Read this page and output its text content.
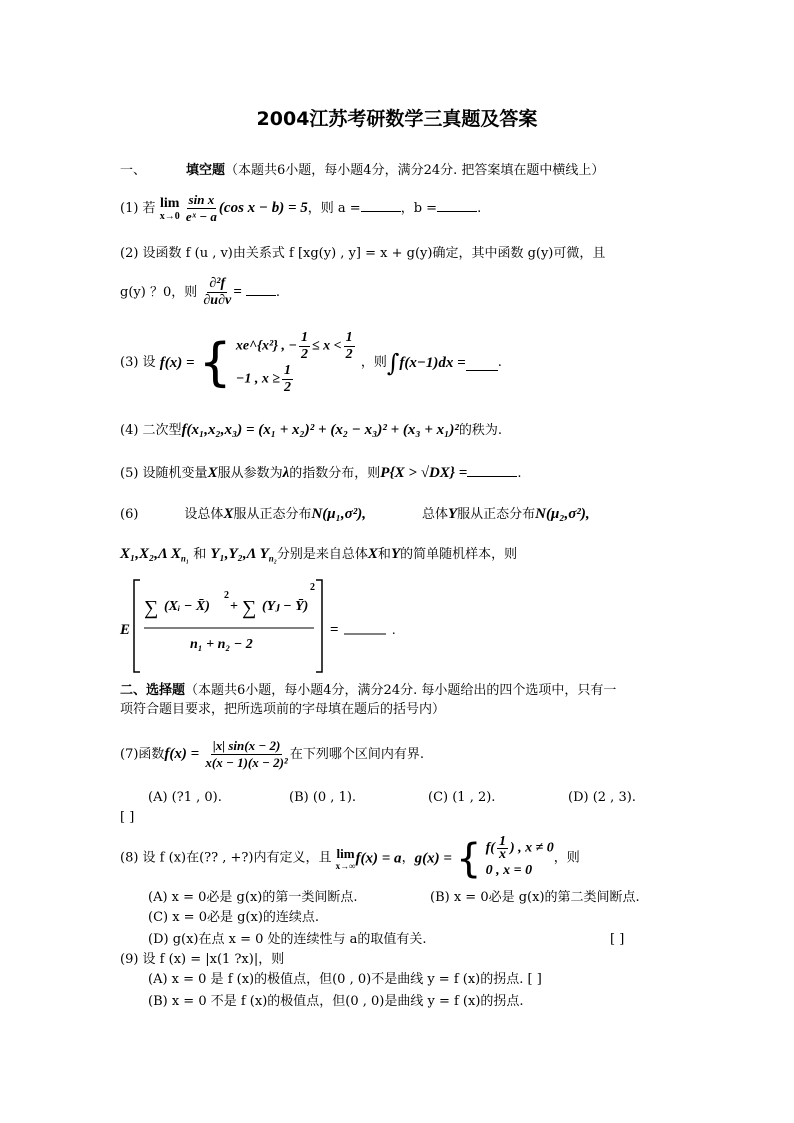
2004江苏考研数学三真题及答案
一、	填空题（本题共6小题，每小题4分，满分24分. 把答案填在题中横线上）
(1) 若 lim
x→0
$\frac{\text{sin x}}{\text{eˣ − a}} (\cos$ x − b) = 5，则 a =	，b =	.
(2) 设函数 f (u , v)由关系式 f [xg(y) , y] = x + g(y)确定，其中函数 g(y)可微，且
g(y) ？0，则 $\frac{\text{∂²f}}{\partial u\partial v}$ =	.
(3) 设 f(x) = { xe^{x²} , − $\frac{1}{2} \le x < \frac{1}{2}$
−1 , $x \ge \frac{1}{2}$
，则∫f(x−1)dx = .
(4) 二次型f(x₁,x₂,x₃) = (x₁ + x₂)² + (x₂ − x₃)² + (x₃ + x₁)²的秩为.
(5) 设随机变量X服从参数为λ的指数分布，则P{X > √DX} =	.
(6)	设总体X服从正态分布N(μ₁,σ²),	总体Y服从正态分布N(μ₂,σ²),
X₁,X₂,Λ $X_{n_1}$ 和 Y₁,Y₂,Λ $Y_{n_2}$分别是来自总体X和Y的简单随机样本，则
E
∑ (Xᵢ − X̄)
2
+ ∑ (Yⱼ − Ȳ)
2
n₁ + n₂ − 2
=	.
二、选择题（本题共6小题，每小题4分，满分24分. 每小题给出的四个选项中，只有一
项符合题目要求，把所选项前的字母填在题后的括号内）
(7)函数$f(x) = \frac{|x| \sin(x - 2)}{\text{x(x − 1)(x − 2)²}}$ 在下列哪个区间内有界.
(A) (?1 , 0).	(B) (0 , 1).	(C) (1 , 2).	(D) (2 , 3).
[ ]
(8) 设 f (x)在(?? , +?)内有定义，且 lim
x→∞ f(x) = a，g(x) = { $f( \frac{1}{x}$ ) , x ≠ 0
0 , x = 0
，则
(A) x = 0必是 g(x)的第一类间断点.	(B) x = 0必是 g(x)的第二类间断点.
(C) x = 0必是 g(x)的连续点.
(D) g(x)在点 x = 0 处的连续性与 a的取值有关.	[ ]
(9) 设 f (x) = |x(1 ?x)|，则
(A) x = 0 是 f (x)的极值点，但(0 , 0)不是曲线 y = f (x)的拐点. [ ]
(B) x = 0 不是 f (x)的极值点，但(0 , 0)是曲线 y = f (x)的拐点.
